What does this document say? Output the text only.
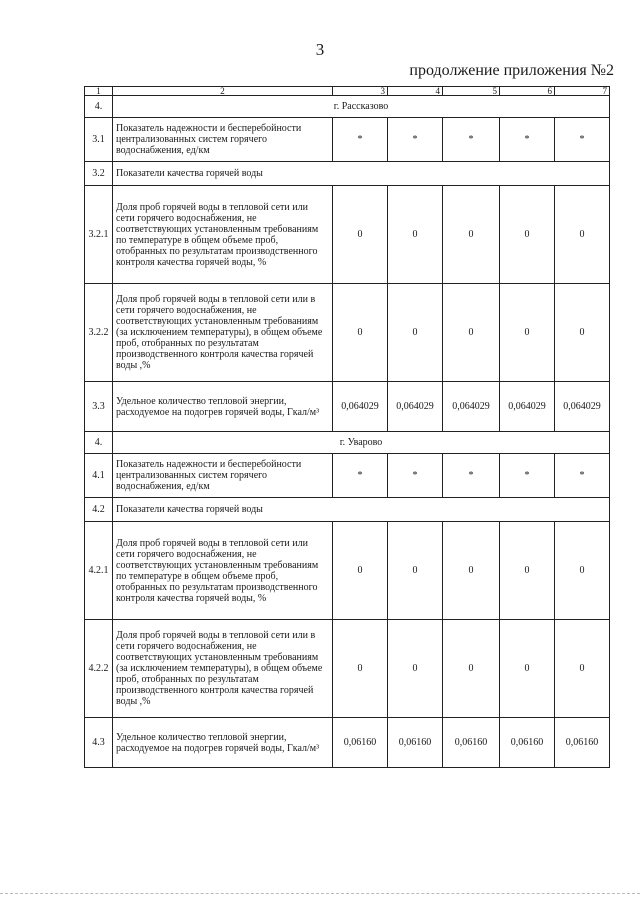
3
продолжение приложения №2
1	2	3	4	5	6	7
4.	г. Рассказово					
3.1	Показатель надежности и бесперебойности централизованных систем горячего водоснабжения, ед/км	*	*	*	*	*
3.2	Показатели качества горячей воды					
3.2.1	Доля проб горячей воды в тепловой сети или сети горячего водоснабжения, не соответствующих установленным требованиям по температуре в общем объеме проб, отобранных по результатам производственного контроля качества горячей воды, %	0	0	0	0	0
3.2.2	Доля проб горячей воды в тепловой сети или в сети горячего водоснабжения, не соответствующих установленным требованиям (за исключением температуры), в общем объеме проб, отобранных по результатам производственного контроля качества горячей воды ,%	0	0	0	0	0
3.3	Удельное количество тепловой энергии, расходуемое на подогрев горячей воды, Гкал/м³	0,064029	0,064029	0,064029	0,064029	0,064029
4.	г. Уварово					
4.1	Показатель надежности и бесперебойности централизованных систем горячего водоснабжения, ед/км	*	*	*	*	*
4.2	Показатели качества горячей воды					
4.2.1	Доля проб горячей воды в тепловой сети или сети горячего водоснабжения, не соответствующих установленным требованиям по температуре в общем объеме проб, отобранных по результатам производственного контроля качества горячей воды, %	0	0	0	0	0
4.2.2	Доля проб горячей воды в тепловой сети или в сети горячего водоснабжения, не соответствующих установленным требованиям (за исключением температуры), в общем объеме проб, отобранных по результатам производственного контроля качества горячей воды ,%	0	0	0	0	0
4.3	Удельное количество тепловой энергии, расходуемое на подогрев горячей воды, Гкал/м³	0,06160	0,06160	0,06160	0,06160	0,06160
